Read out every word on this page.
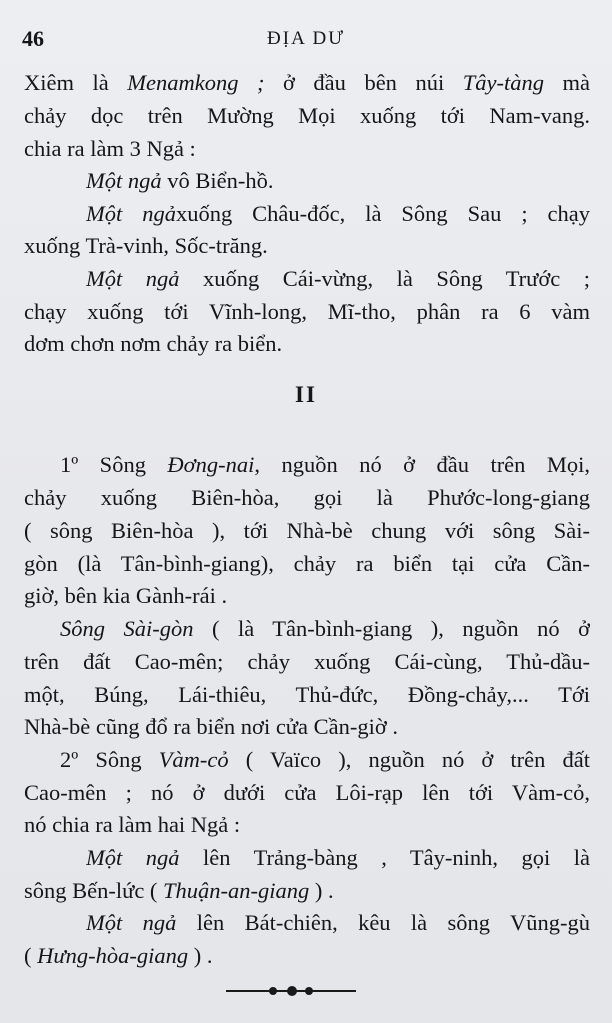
46	ĐỊA DƯ
Xiêm là Menamkong ; ở đầu bên núi Tây-tàng mà
chảy dọc trên Mường Mọi xuống tới Nam-vang.
chia ra làm 3 Ngả :
Một ngả vô Biển-hồ.
Một ngảxuống Châu-đốc, là Sông Sau ; chạy
xuống Trà-vinh, Sốc-trăng.
Một ngả xuống Cái-vừng, là Sông Trước ;
chạy xuống tới Vĩnh-long, Mĩ-tho, phân ra 6 vàm
dơm chơn nơm chảy ra biển.
II
1º Sông Đơng-nai, nguồn nó ở đầu trên Mọi,
chảy xuống Biên-hòa, gọi là Phước-long-giang
( sông Biên-hòa ), tới Nhà-bè chung với sông Sài-
gòn (là Tân-bình-giang), chảy ra biển tại cửa Cần-
giờ, bên kia Gành-rái .
Sông Sài-gòn ( là Tân-bình-giang ), nguồn nó ở
trên đất Cao-mên; chảy xuống Cái-cùng, Thủ-dầu-
một, Búng, Lái-thiêu, Thủ-đức, Đồng-chảy,... Tới
Nhà-bè cũng đổ ra biển nơi cửa Cần-giờ .
2º Sông Vàm-cỏ ( Vaïco ), nguồn nó ở trên đất
Cao-mên ; nó ở dưới cửa Lôi-rạp lên tới Vàm-cỏ,
nó chia ra làm hai Ngả :
Một ngả lên Trảng-bàng , Tây-ninh, gọi là
sông Bến-lức ( Thuận-an-giang ) .
Một ngả lên Bát-chiên, kêu là sông Vũng-gù
( Hưng-hòa-giang ) .
